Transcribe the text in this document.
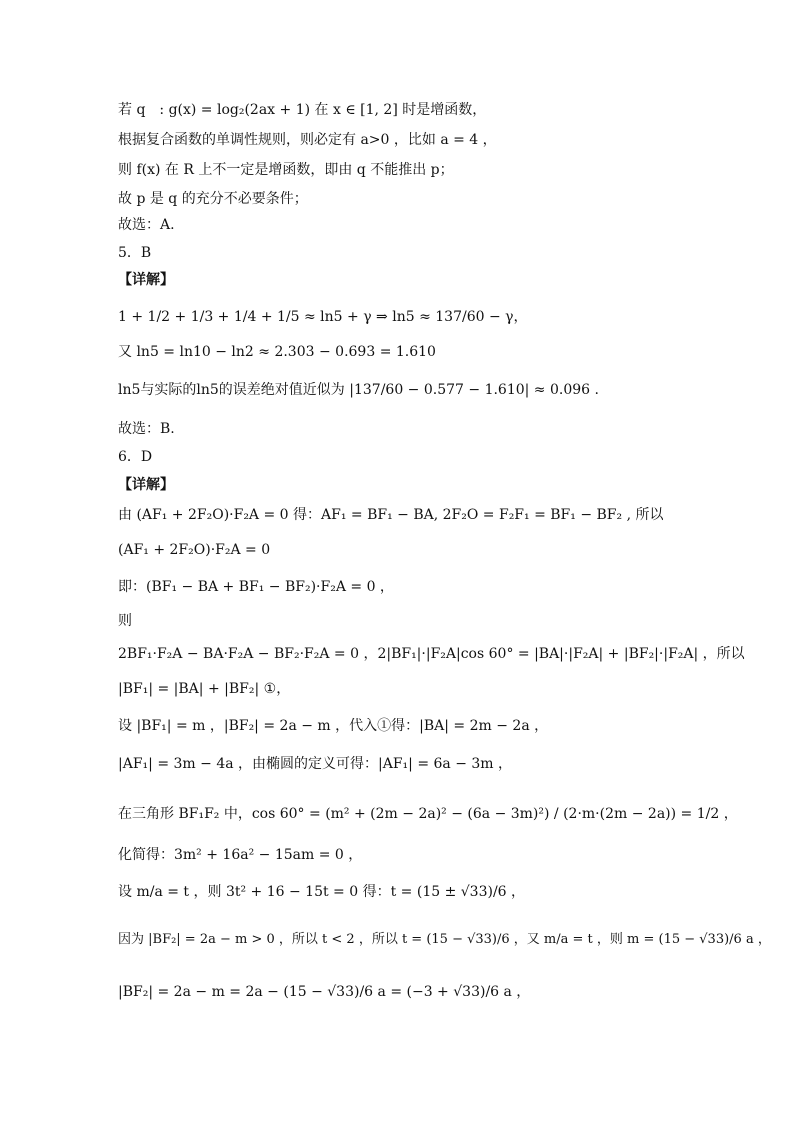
若 q　: g(x) = log₂(2ax + 1) 在 x ∈ [1, 2] 时是增函数，
根据复合函数的单调性规则，则必定有 a>0 ，比如 a = 4 ，
则 f(x) 在 R 上不一定是增函数，即由 q 不能推出 p；
故 p 是 q 的充分不必要条件；
故选：A.
5．B
【详解】
1 + 1/2 + 1/3 + 1/4 + 1/5 ≈ ln5 + γ ⇒ ln5 ≈ 137/60 − γ，
又 ln5 = ln10 − ln2 ≈ 2.303 − 0.693 = 1.610
ln5与实际的ln5的误差绝对值近似为 |137/60 − 0.577 − 1.610| ≈ 0.096 .
故选：B.
6．D
【详解】
由 (AF₁ + 2F₂O)·F₂A = 0 得：AF₁ = BF₁ − BA, 2F₂O = F₂F₁ = BF₁ − BF₂ , 所以
(AF₁ + 2F₂O)·F₂A = 0
即：(BF₁ − BA + BF₁ − BF₂)·F₂A = 0 ，
则
2BF₁·F₂A − BA·F₂A − BF₂·F₂A = 0 ，2|BF₁|·|F₂A|cos 60° = |BA|·|F₂A| + |BF₂|·|F₂A| ，所以
|BF₁| = |BA| + |BF₂| ①，
设 |BF₁| = m ，|BF₂| = 2a − m ，代入①得：|BA| = 2m − 2a ，
|AF₁| = 3m − 4a ，由椭圆的定义可得：|AF₁| = 6a − 3m ，
在三角形 BF₁F₂ 中，cos 60° = (m² + (2m − 2a)² − (6a − 3m)²) / (2·m·(2m − 2a)) = 1/2 ，
化简得：3m² + 16a² − 15am = 0 ，
设 m/a = t ，则 3t² + 16 − 15t = 0 得：t = (15 ± √33)/6 ，
因为 |BF₂| = 2a − m > 0 ，所以 t < 2 ，所以 t = (15 − √33)/6 ，又 m/a = t ，则 m = (15 − √33)/6 a ，
|BF₂| = 2a − m = 2a − (15 − √33)/6 a = (−3 + √33)/6 a ，
